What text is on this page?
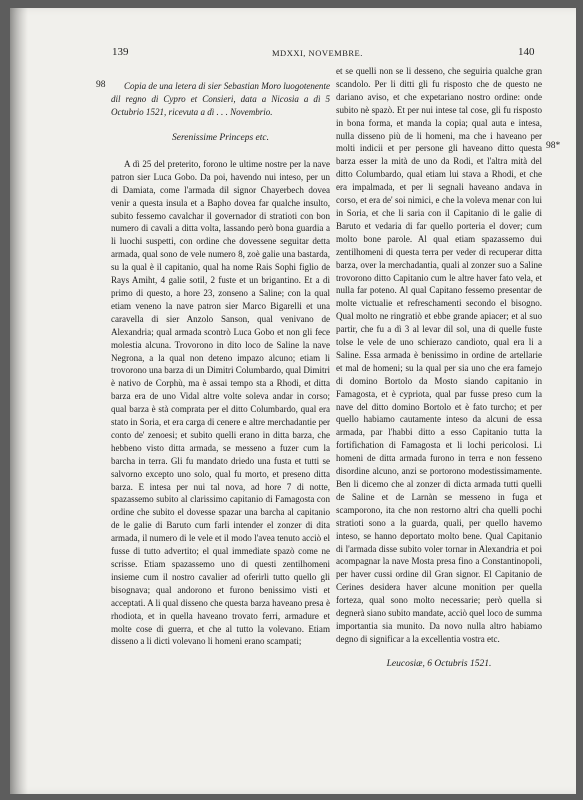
139	MDXXI, NOVEMBRE.	140
98	Copia de una letera di sier Sebastian Moro luogotenente dil regno di Cypro et Consieri, data a Nicosia a dì 5 Octubrio 1521, ricevuta a dì . . . Novembrio.

Serenissime Princeps etc.

A dì 25 del preterito, forono le ultime nostre per la nave patron sier Luca Gobo. Da poi, havendo nui inteso, per un di Damiata, come l'armada dil signor Chayerbech dovea venir a questa insula et a Bapho dovea far qualche insulto, subito fessemo cavalchar il governador di stratioti con bon numero di cavali a ditta volta, lassando però bona guardia a li luochi suspetti, con ordine che dovessene seguitar detta armada, qual sono de vele numero 8, zoè galie una bastarda, su la qual è il capitanio, qual ha nome Rais Sophi figlio de Rays Amiht, 4 galie sotil, 2 fuste et un brigantino. Et a dì primo di questo, a hore 23, zonseno a Saline; con la qual etiam veneno la nave patron sier Marco Bigarelli et una caravella di sier Anzolo Sanson, qual venivano de Alexandria; qual armada scontrò Luca Gobo et non gli fece molestia alcuna. Trovorono in dito loco de Saline la nave Negrona, a la qual non deteno impazo alcuno; etiam li trovorono una barza di un Dimitri Columbardo, qual Dimitri è nativo de Corphù, ma è assai tempo sta a Rhodi, et ditta barza era de uno Vidal altre volte soleva andar in corso; qual barza è stà comprata per el ditto Columbardo, qual era stato in Soria, et era carga di cenere e altre merchadantie per conto de' zenoesi; et subito quelli erano in ditta barza, che hebbeno visto ditta armada, se messeno a fuzer cum la barcha in terra. Gli fu mandato driedo una fusta et tutti se salvorno excepto uno solo, qual fu morto, et preseno ditta barza. E intesa per nui tal nova, ad hore 7 di notte, spazassemo subito al clarissimo capitanio di Famagosta con ordine che subito el dovesse spazar una barcha al capitanio de le galie di Baruto cum farli intender el zonzer di dita armada, il numero di le vele et il modo l'avea tenuto acciò el fusse di tutto advertito; el qual immediate spazò come ne scrisse. Etiam spazassemo uno di questi zentilhomeni insieme cum il nostro cavalier ad oferirli tutto quello gli bisognava; qual andorono et furono benissimo visti et acceptati. A li qual disseno che questa barza haveano presa è rhodiota, et in quella haveano trovato ferri, armadure et molte cose di guerra, et che al tutto la volevano. Etiam disseno a li dicti volevano li homeni erano scampati;

et se quelli non se li desseno, che seguiria qualche gran scandolo. Per li ditti gli fu risposto che de questo ne dariano aviso, et che expetariano nostro ordine: onde subito nè spazò. Et per nui intese tal cose, gli fu risposto in bona forma, et manda la copia; qual auta e intesa, nulla disseno più de li homeni, ma che i haveano per molti indicii et per persone gli haveano ditto questa barza esser la mità de uno da Rodi, et l'altra mità del ditto Columbardo, qual etiam lui stava a Rhodi, et che era impalmada, et per li segnali haveano andava in corso, et era de' soi nimici, e che la voleva menar con lui in Soria, et che li saria con il Capitanio di le galie di Baruto et vedaria di far quello porteria el dover; cum molto bone parole. Al qual etiam spazassemo dui zentilhomeni di questa terra per veder di recuperar ditta barza, over la merchadantia, quali al zonzer suo a Saline trovorono ditto Capitanio cum le altre haver fato vela, et nulla far poteno. Al qual Capitano fessemo presentar de molte victualie et refreschamenti secondo el bisogno. Qual molto ne ringratiò et ebbe grande apiacer; et al suo partir, che fu a dì 3 al levar dil sol, una di quelle fuste tolse le vele de uno schierazo candioto, qual era li a Saline. Essa armada è benissimo in ordine de artellarie et mal de homeni; su la qual per sia uno che era famejo di domino Bortolo da Mosto siando capitanio in Famagosta, et è cypriota, qual par fusse preso cum la nave del ditto domino Bortolo et è fato turcho; et per quello habiamo cautamente inteso da alcuni de essa armada, par l'habbi ditto a esso Capitanio tutta la fortifichation di Famagosta et li lochi pericolosi. Li homeni de ditta armada furono in terra e non fesseno disordine alcuno, anzi se portorono modestissimamente. Ben li dicemo che al zonzer di dicta armada tutti quelli de Saline et de Larnàn se messeno in fuga et scamporono, ita che non restorno altri cha quelli pochi stratioti sono a la guarda, quali, per quello havemo inteso, se hanno deportato molto bene. Qual Capitanio di l'armada disse subito voler tornar in Alexandria et poi acompagnar la nave Mosta presa fino a Constantinopoli, per haver cussi ordine dil Gran signor. El Capitanio de Cerines desidera haver alcune monition per quella forteza, qual sono molto necessarie; però quella si degnerà siano subito mandate, acciò quel loco de summa importantia sia munito. Da novo nulla altro habiamo degno di significar a la excellentia vostra etc.

Leucosiæ, 6 Octubris 1521.

98*
